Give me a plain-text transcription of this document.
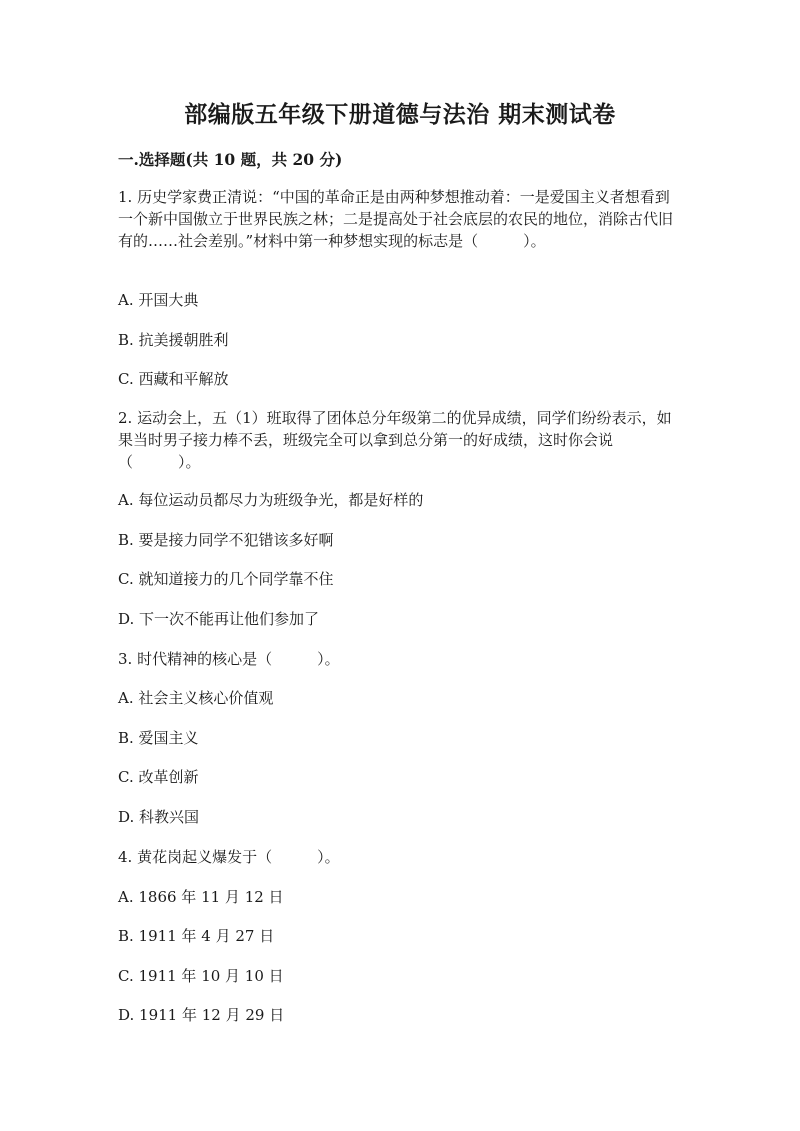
部编版五年级下册道德与法治 期末测试卷
一.选择题(共 10 题，共 20 分)

1. 历史学家费正清说：“中国的革命正是由两种梦想推动着：一是爱国主义者想看到一个新中国傲立于世界民族之林；二是提高处于社会底层的农民的地位，消除古代旧有的……社会差别。”材料中第一种梦想实现的标志是（　　　）。

A. 开国大典

B. 抗美援朝胜利

C. 西藏和平解放

2. 运动会上，五（1）班取得了团体总分年级第二的优异成绩，同学们纷纷表示，如果当时男子接力棒不丢，班级完全可以拿到总分第一的好成绩，这时你会说（　　　）。

A. 每位运动员都尽力为班级争光，都是好样的

B. 要是接力同学不犯错该多好啊

C. 就知道接力的几个同学靠不住

D. 下一次不能再让他们参加了

3. 时代精神的核心是（　　　）。

A. 社会主义核心价值观

B. 爱国主义

C. 改革创新

D. 科教兴国

4. 黄花岗起义爆发于（　　　）。

A. 1866 年 11 月 12 日

B. 1911 年 4 月 27 日

C. 1911 年 10 月 10 日

D. 1911 年 12 月 29 日
